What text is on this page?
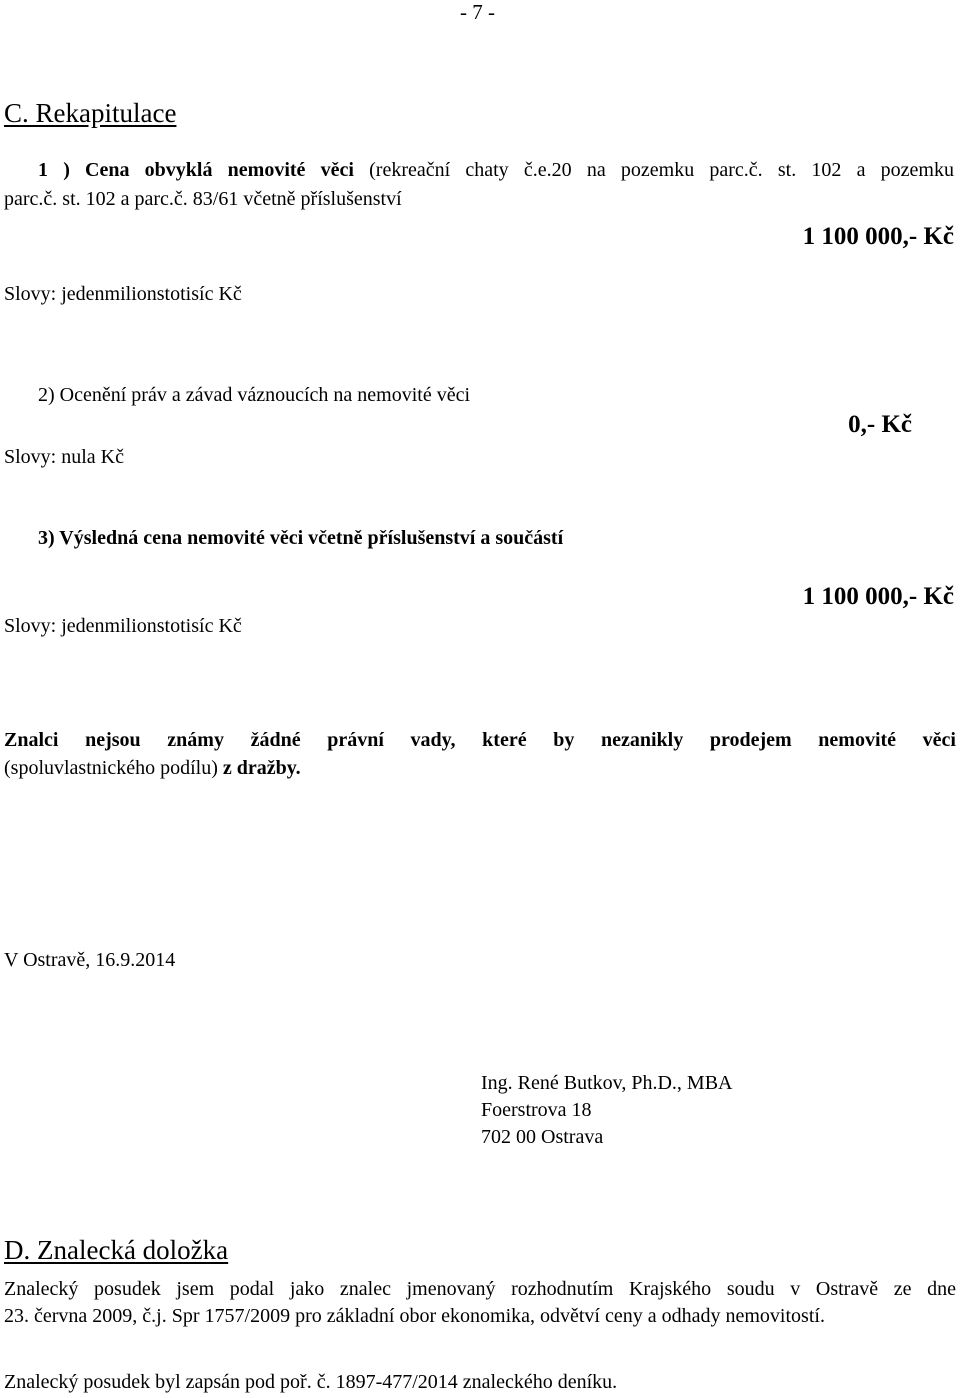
- 7 -
C. Rekapitulace
1 ) Cena obvyklá nemovité věci (rekreační chaty č.e.20 na pozemku parc.č. st. 102 a pozemku
parc.č. st. 102 a parc.č. 83/61 včetně příslušenství
1 100 000,- Kč
Slovy: jedenmilionstotisíc Kč
2) Ocenění práv a závad váznoucích na nemovité věci
Slovy: nula Kč
0,- Kč
3) Výsledná cena nemovité věci včetně příslušenství a součástí
1 100 000,- Kč
Slovy: jedenmilionstotisíc Kč
Znalci nejsou známy žádné právní vady, které by nezanikly prodejem nemovité věci
(spoluvlastnického podílu) z dražby.
V Ostravě, 16.9.2014
Ing. René Butkov, Ph.D., MBA
Foerstrova 18
702 00 Ostrava
D. Znalecká doložka
Znalecký posudek jsem podal jako znalec jmenovaný rozhodnutím Krajského soudu v Ostravě ze dne
23. června 2009, č.j. Spr 1757/2009 pro základní obor ekonomika, odvětví ceny a odhady nemovitostí.
Znalecký posudek byl zapsán pod poř. č. 1897-477/2014 znaleckého deníku.
